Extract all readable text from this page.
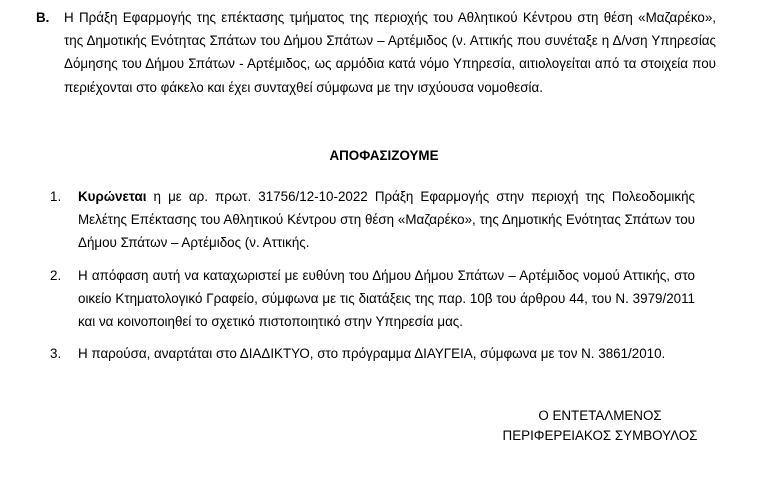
Β. Η Πράξη Εφαρμογής της επέκτασης τμήματος της περιοχής του Αθλητικού Κέντρου στη θέση «Μαζαρέκο», της Δημοτικής Ενότητας Σπάτων του Δήμου Σπάτων – Αρτέμιδος (ν. Αττικής που συνέταξε η Δ/νση Υπηρεσίας Δόμησης του Δήμου Σπάτων - Αρτέμιδος, ως αρμόδια κατά νόμο Υπηρεσία, αιτιολογείται από τα στοιχεία που περιέχονται στο φάκελο και έχει συνταχθεί σύμφωνα με την ισχύουσα νομοθεσία.
ΑΠΟΦΑΣΙΖΟΥΜΕ
1. Κυρώνεται η με αρ. πρωτ. 31756/12-10-2022 Πράξη Εφαρμογής στην περιοχή της Πολεοδομικής Μελέτης Επέκτασης του Αθλητικού Κέντρου στη θέση «Μαζαρέκο», της Δημοτικής Ενότητας Σπάτων του Δήμου Σπάτων – Αρτέμιδος (ν. Αττικής.
2. Η απόφαση αυτή να καταχωριστεί με ευθύνη του Δήμου Δήμου Σπάτων – Αρτέμιδος νομού Αττικής, στο οικείο Κτηματολογικό Γραφείο, σύμφωνα με τις διατάξεις της παρ. 10β του άρθρου 44, του Ν. 3979/2011 και να κοινοποιηθεί το σχετικό πιστοποιητικό στην Υπηρεσία μας.
3. Η παρούσα, αναρτάται στο ΔΙΑΔΙΚΤΥΟ, στο πρόγραμμα ΔΙΑΥΓΕΙΑ, σύμφωνα με τον Ν. 3861/2010.
Ο ΕΝΤΕΤΑΛΜΕΝΟΣ
ΠΕΡΙΦΕΡΕΙΑΚΟΣ ΣΥΜΒΟΥΛΟΣ
